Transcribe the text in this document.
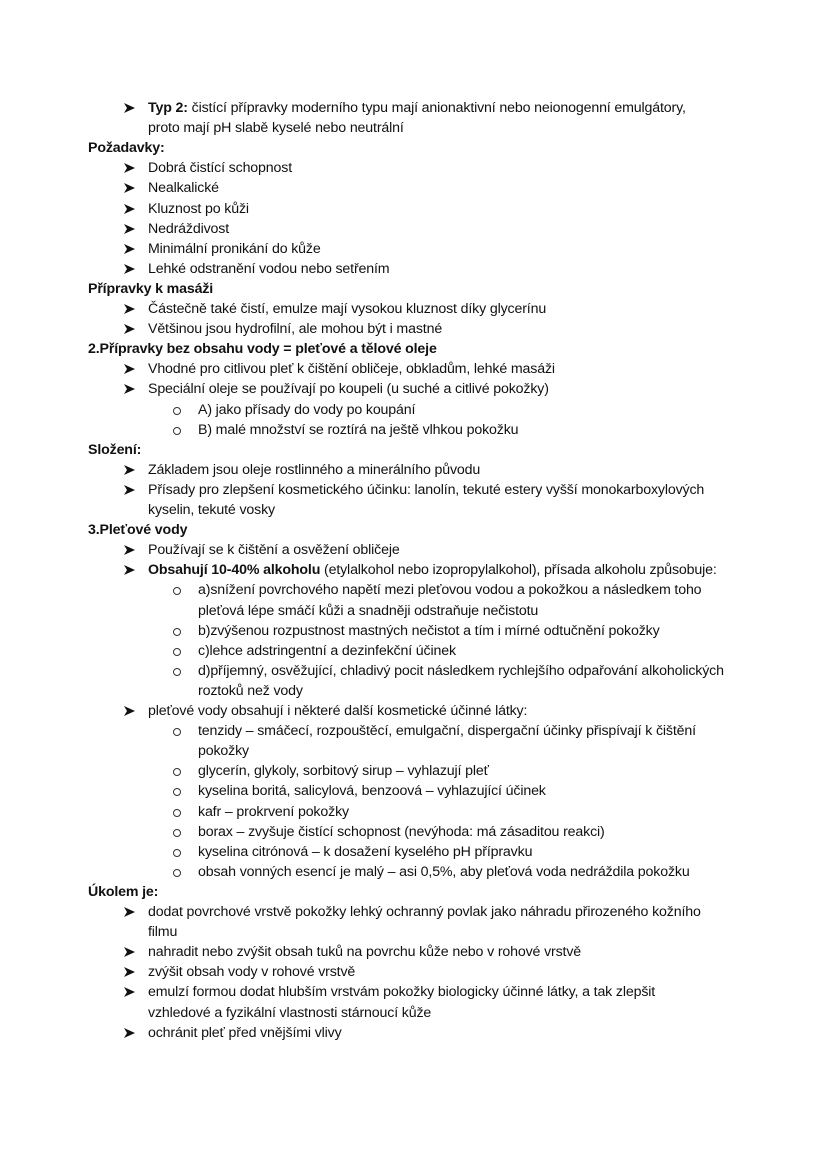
Typ 2: čistící přípravky moderního typu mají anionaktivní nebo neionogenní emulgátory,
proto mají pH slabě kyselé nebo neutrální
Požadavky:
Dobrá čistící schopnost
Nealkalické
Kluznost po kůži
Nedráždivost
Minimální pronikání do kůže
Lehké odstranění vodou nebo setřením
Přípravky k masáži
Částečně také čistí, emulze mají vysokou kluznost díky glycerínu
Většinou jsou hydrofilní, ale mohou být i mastné
2.Přípravky bez obsahu vody = pleťové a tělové oleje
Vhodné pro citlivou pleť k čištění obličeje, obkladům, lehké masáži
Speciální oleje se používají po koupeli (u suché a citlivé pokožky)
A) jako přísady do vody po koupání
B) malé množství se roztírá na ještě vlhkou pokožku
Složení:
Základem jsou oleje rostlinného a minerálního původu
Přísady pro zlepšení kosmetického účinku: lanolín, tekuté estery vyšší monokarboxylových
kyselin, tekuté vosky
3.Pleťové vody
Používají se k čištění a osvěžení obličeje
Obsahují 10-40% alkoholu (etylalkohol nebo izopropylalkohol), přísada alkoholu způsobuje:
a)snížení povrchového napětí mezi pleťovou vodou a pokožkou a následkem toho
pleťová lépe smáčí kůži a snadněji odstraňuje nečistotu
b)zvýšenou rozpustnost mastných nečistot a tím i mírné odtučnění pokožky
c)lehce adstringentní a dezinfekční účinek
d)příjemný, osvěžující, chladivý pocit následkem rychlejšího odpařování alkoholických
roztoků než vody
pleťové vody obsahují i některé další kosmetické účinné látky:
tenzidy – smáčecí, rozpouštěcí, emulgační, dispergační účinky přispívají k čištění
pokožky
glycerín, glykoly, sorbitový sirup – vyhlazují pleť
kyselina boritá, salicylová, benzoová – vyhlazující účinek
kafr – prokrvení pokožky
borax – zvyšuje čistící schopnost (nevýhoda: má zásaditou reakci)
kyselina citrónová – k dosažení kyselého pH přípravku
obsah vonných esencí je malý – asi 0,5%, aby pleťová voda nedráždila pokožku
Úkolem je:
dodat povrchové vrstvě pokožky lehký ochranný povlak jako náhradu přirozeného kožního
filmu
nahradit nebo zvýšit obsah tuků na povrchu kůže nebo v rohové vrstvě
zvýšit obsah vody v rohové vrstvě
emulzí formou dodat hlubším vrstvám pokožky biologicky účinné látky, a tak zlepšit
vzhledové a fyzikální vlastnosti stárnoucí kůže
ochránit pleť před vnějšími vlivy
